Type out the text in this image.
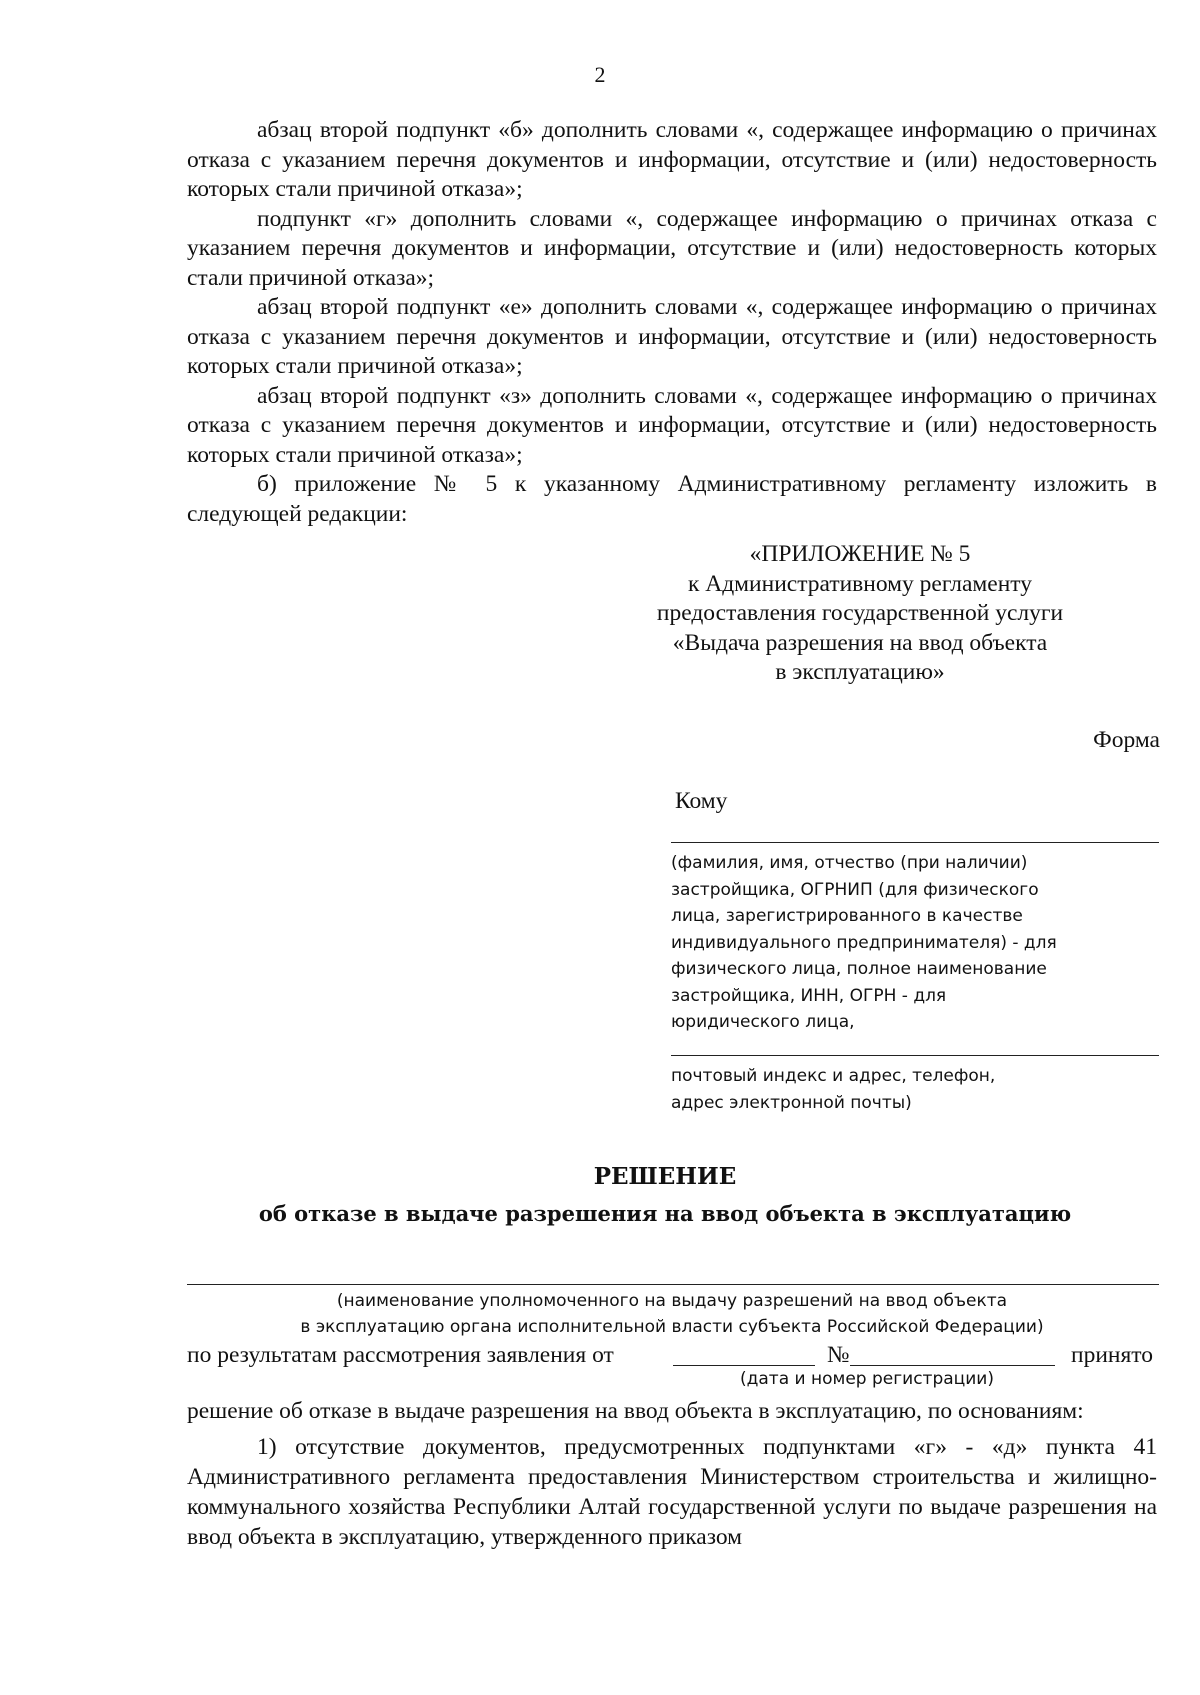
2

абзац второй подпункт «б» дополнить словами «, содержащее информацию о причинах отказа с указанием перечня документов и информации, отсутствие и (или) недостоверность которых стали причиной отказа»;

подпункт «г» дополнить словами «, содержащее информацию о причинах отказа с указанием перечня документов и информации, отсутствие и (или) недостоверность которых стали причиной отказа»;

абзац второй подпункт «е» дополнить словами «, содержащее информацию о причинах отказа с указанием перечня документов и информации, отсутствие и (или) недостоверность которых стали причиной отказа»;

абзац второй подпункт «з» дополнить словами «, содержащее информацию о причинах отказа с указанием перечня документов и информации, отсутствие и (или) недостоверность которых стали причиной отказа»;

б) приложение № 5 к указанному Административному регламенту изложить в следующей редакции:

«ПРИЛОЖЕНИЕ № 5
к Административному регламенту
предоставления государственной услуги
«Выдача разрешения на ввод объекта
в эксплуатацию»
Форма
Кому
(фамилия, имя, отчество (при наличии)
застройщика, ОГРНИП (для физического
лица, зарегистрированного в качестве
индивидуального предпринимателя) - для
физического лица, полное наименование
застройщика, ИНН, ОГРН - для
юридического лица,
почтовый индекс и адрес, телефон,
адрес электронной почты)
РЕШЕНИЕ
об отказе в выдаче разрешения на ввод объекта в эксплуатацию
(наименование уполномоченного на выдачу разрешений на ввод объекта
в эксплуатацию органа исполнительной власти субъекта Российской Федерации)
по результатам рассмотрения заявления от	№	принято
(дата и номер регистрации)

решение об отказе в выдаче разрешения на ввод объекта в эксплуатацию, по основаниям:

1) отсутствие документов, предусмотренных подпунктами «г» - «д» пункта 41 Административного регламента предоставления Министерством строительства и жилищно-коммунального хозяйства Республики Алтай государственной услуги по выдаче разрешения на ввод объекта в эксплуатацию, утвержденного приказом
